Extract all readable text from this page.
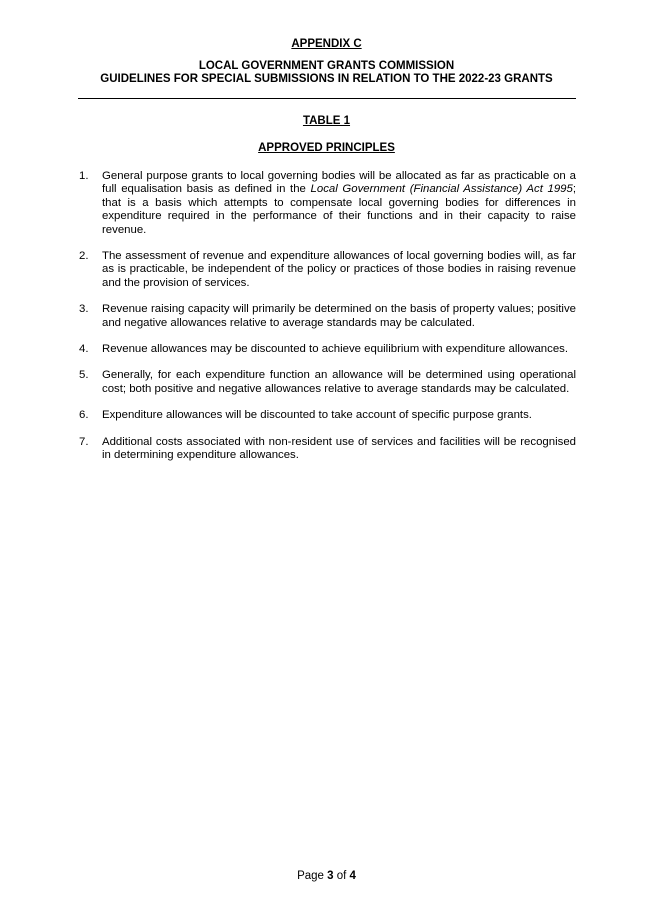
APPENDIX C
LOCAL GOVERNMENT GRANTS COMMISSION
GUIDELINES FOR SPECIAL SUBMISSIONS IN RELATION TO THE 2022-23 GRANTS
TABLE 1
APPROVED PRINCIPLES
1. General purpose grants to local governing bodies will be allocated as far as practicable on a full equalisation basis as defined in the Local Government (Financial Assistance) Act 1995; that is a basis which attempts to compensate local governing bodies for differences in expenditure required in the performance of their functions and in their capacity to raise revenue.
2. The assessment of revenue and expenditure allowances of local governing bodies will, as far as is practicable, be independent of the policy or practices of those bodies in raising revenue and the provision of services.
3. Revenue raising capacity will primarily be determined on the basis of property values; positive and negative allowances relative to average standards may be calculated.
4. Revenue allowances may be discounted to achieve equilibrium with expenditure allowances.
5. Generally, for each expenditure function an allowance will be determined using operational cost; both positive and negative allowances relative to average standards may be calculated.
6. Expenditure allowances will be discounted to take account of specific purpose grants.
7. Additional costs associated with non-resident use of services and facilities will be recognised in determining expenditure allowances.
Page 3 of 4
